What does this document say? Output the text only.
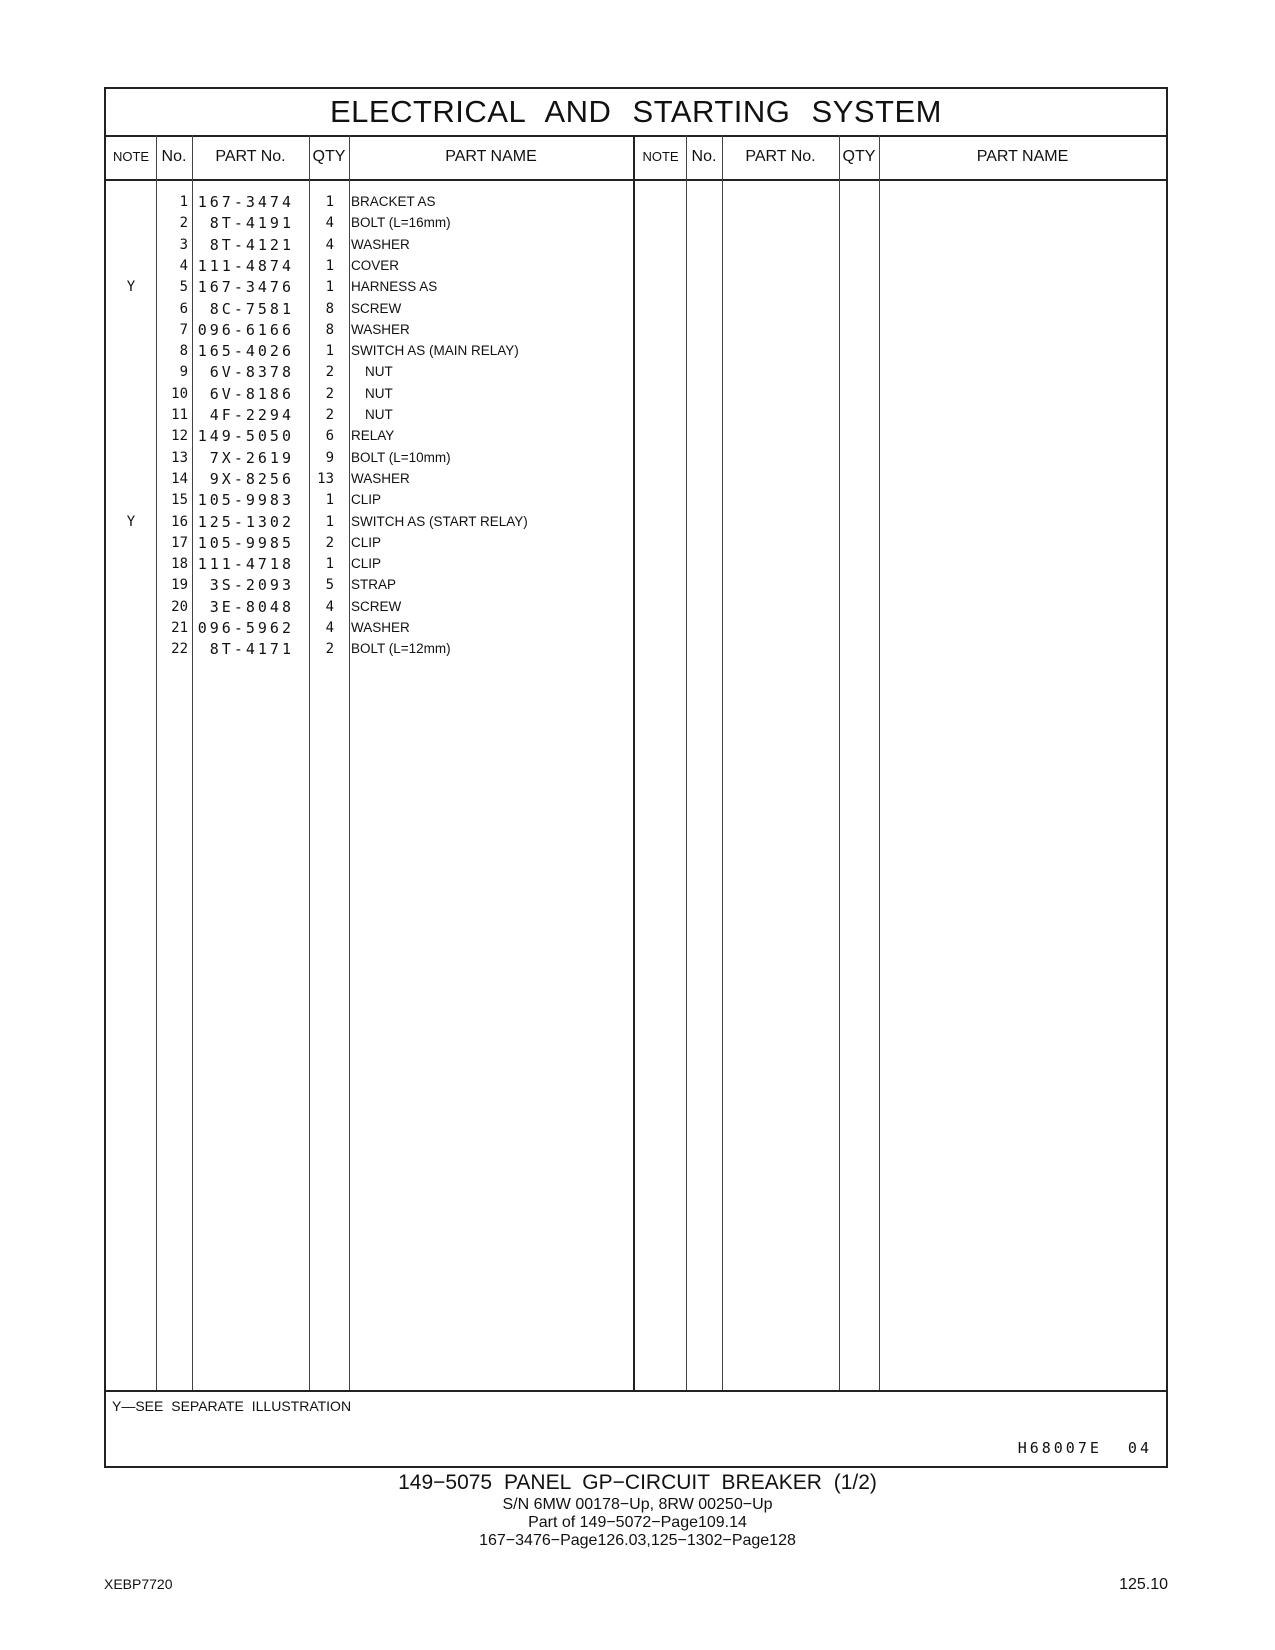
ELECTRICAL AND STARTING SYSTEM
NOTE No.	PART No.	QTY	PART NAME	NOTE No.	PART No.	QTY	PART NAME
1 167-3474	1 BRACKET AS
2	8T-4191	4 BOLT (L=16mm)
3	8T-4121	4 WASHER
4 111-4874	1 COVER
Y	5 167-3476	1 HARNESS AS
6	8C-7581	8 SCREW
7 096-6166	8 WASHER
8 165-4026	1 SWITCH AS (MAIN RELAY)
9	6V-8378	2 NUT
10	6V-8186	2 NUT
11	4F-2294	2 NUT
12 149-5050	6 RELAY
13	7X-2619	9 BOLT (L=10mm)
14	9X-8256	13 WASHER
15 105-9983	1 CLIP
Y	16 125-1302	1 SWITCH AS (START RELAY)
17 105-9985	2 CLIP
18 111-4718	1 CLIP
19	3S-2093	5 STRAP
20	3E-8048	4 SCREW
21 096-5962	4 WASHER
22	8T-4171	2 BOLT (L=12mm)
Y—SEE SEPARATE ILLUSTRATION
H68007E 04
149−5075 PANEL GP−CIRCUIT BREAKER (1/2)
S/N 6MW 00178−Up, 8RW 00250−Up
Part of 149−5072−Page109.14
167−3476−Page126.03,125−1302−Page128
XEBP7720	125.10
